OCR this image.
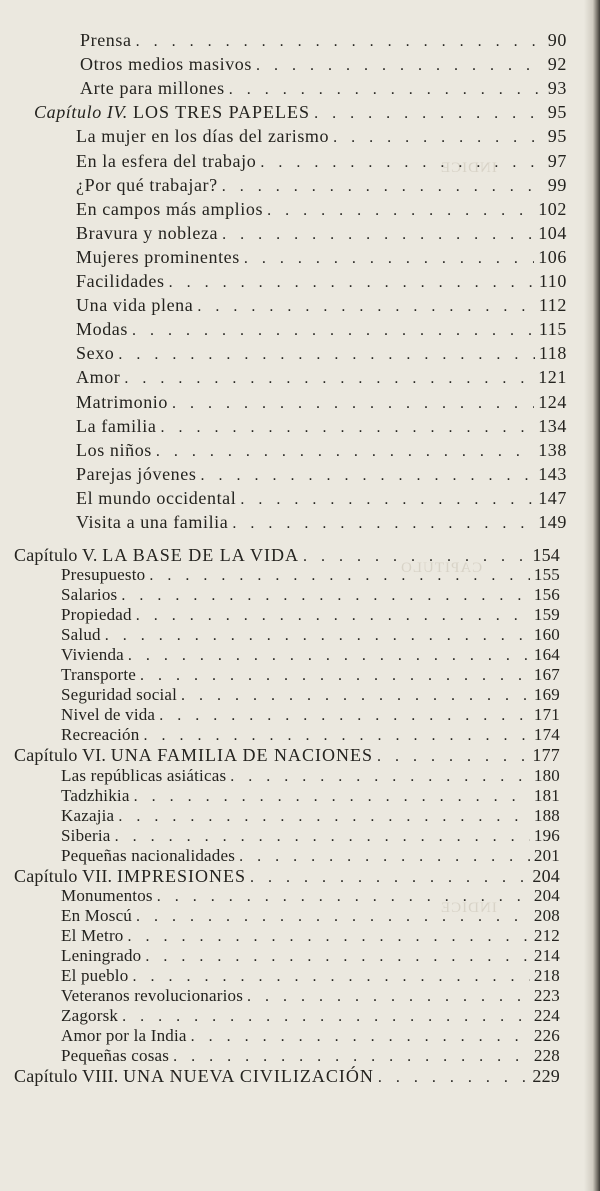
INDICE
CAPITULO
INDICE
Prensa . . .	90
Otros medios masivos . . .	92
Arte para millones . . .	93
Capítulo IV. LOS TRES PAPELES . . .	95
La mujer en los días del zarismo . . .	95
En la esfera del trabajo . . .	97
¿Por qué trabajar? . . .	99
En campos más amplios . . .	102
Bravura y nobleza . . .	104
Mujeres prominentes . . .	106
Facilidades . . .	110
Una vida plena . . .	112
Modas . . .	115
Sexo . . .	118
Amor . . .	121
Matrimonio . . .	124
La familia . . .	134
Los niños . . .	138
Parejas jóvenes . . .	143
El mundo occidental . . .	147
Visita a una familia . . .	149
Capítulo V. LA BASE DE LA VIDA . . .	154
Presupuesto . . .	155
Salarios . . .	156
Propiedad . . .	159
Salud . . .	160
Vivienda . . .	164
Transporte . . .	167
Seguridad social . . .	169
Nivel de vida . . .	171
Recreación . . .	174
Capítulo VI. UNA FAMILIA DE NACIONES . . .	177
Las repúblicas asiáticas . . .	180
Tadzhikia . . .	181
Kazajia . . .	188
Siberia . . .	196
Pequeñas nacionalidades . . .	201
Capítulo VII. IMPRESIONES . . .	204
Monumentos . . .	204
En Moscú . . .	208
El Metro . . .	212
Leningrado . . .	214
El pueblo . . .	218
Veteranos revolucionarios . . .	223
Zagorsk . . .	224
Amor por la India . . .	226
Pequeñas cosas . . .	228
Capítulo VIII. UNA NUEVA CIVILIZACIÓN . . .	229
